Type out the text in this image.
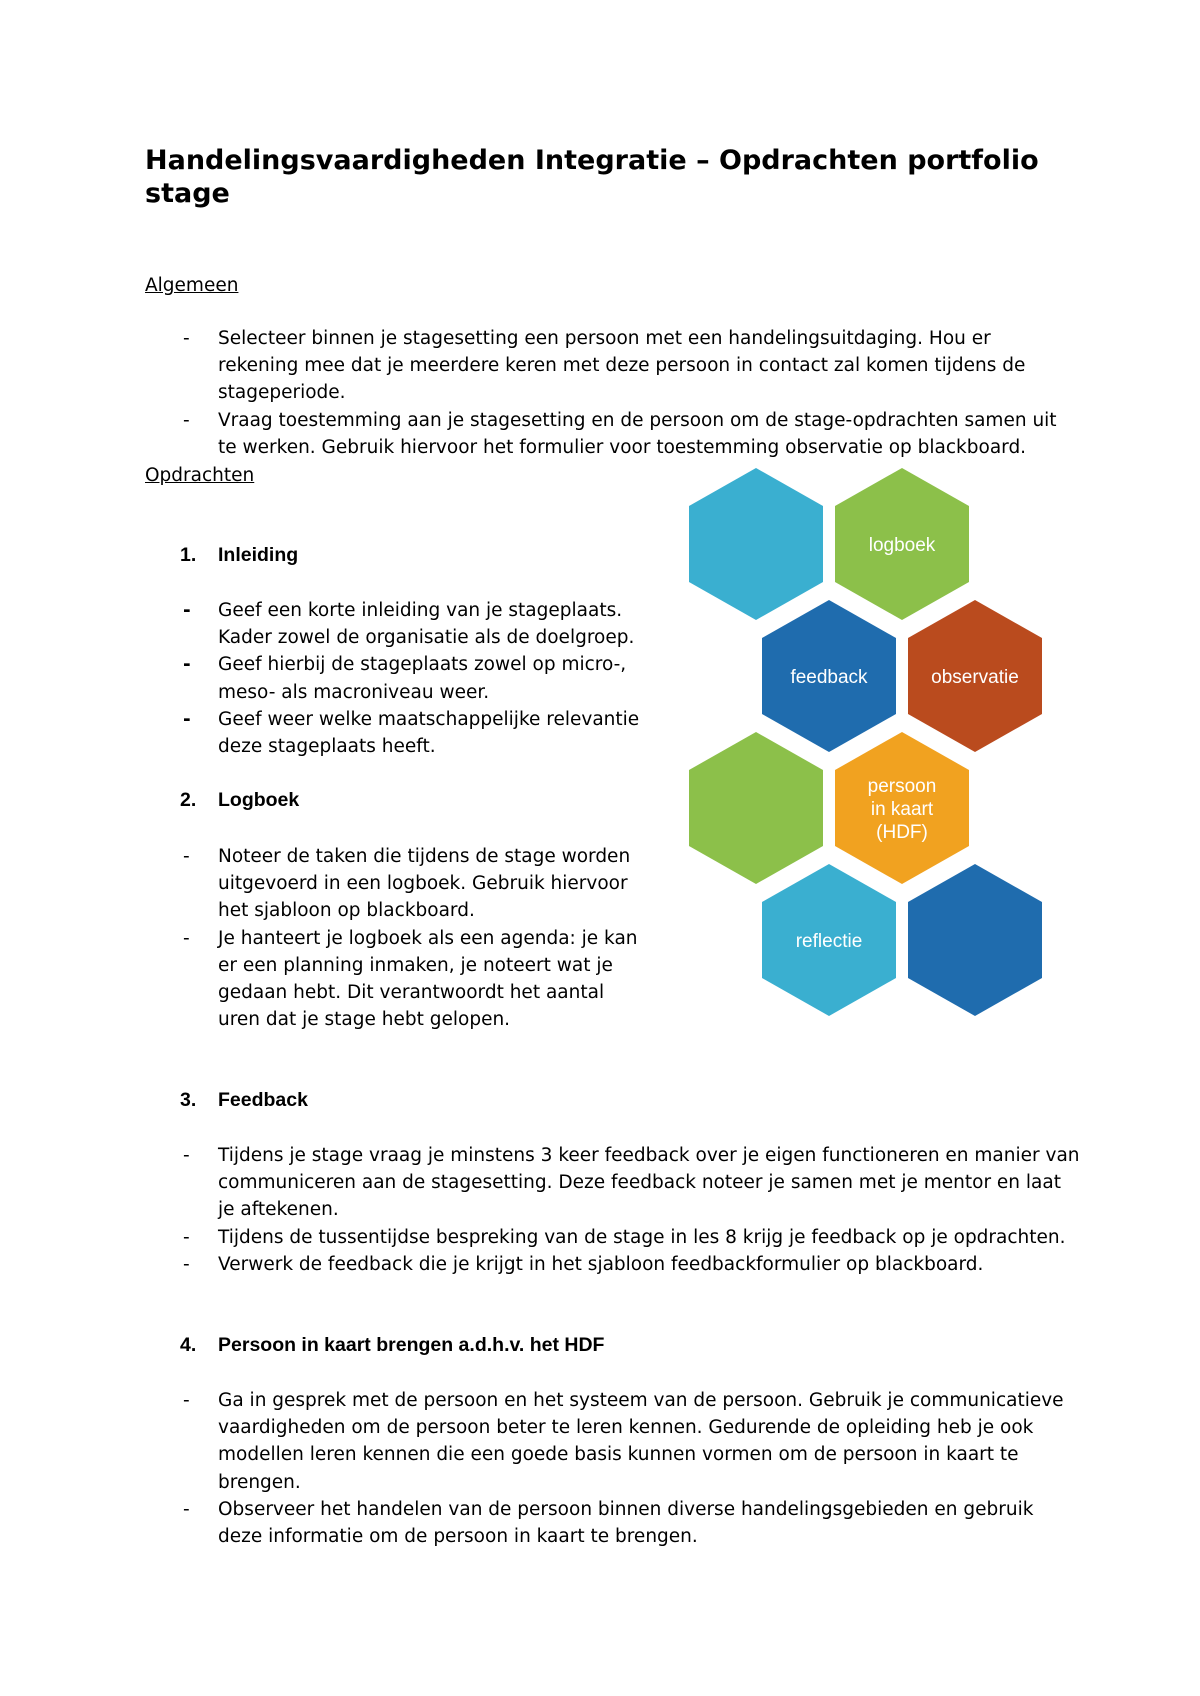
Handelingsvaardigheden Integratie – Opdrachten portfolio stage
Algemeen
- Selecteer binnen je stagesetting een persoon met een handelingsuitdaging. Hou er rekening mee dat je meerdere keren met deze persoon in contact zal komen tijdens de stageperiode.
- Vraag toestemming aan je stagesetting en de persoon om de stage-opdrachten samen uit te werken. Gebruik hiervoor het formulier voor toestemming observatie op blackboard.
Opdrachten
1. Inleiding
- Geef een korte inleiding van je stageplaats. Kader zowel de organisatie als de doelgroep.
- Geef hierbij de stageplaats zowel op micro-, meso- als macroniveau weer.
- Geef weer welke maatschappelijke relevantie deze stageplaats heeft.
2. Logboek
- Noteer de taken die tijdens de stage worden uitgevoerd in een logboek. Gebruik hiervoor het sjabloon op blackboard.
- Je hanteert je logboek als een agenda: je kan er een planning inmaken, je noteert wat je gedaan hebt. Dit verantwoordt het aantal uren dat je stage hebt gelopen.
3. Feedback
- Tijdens je stage vraag je minstens 3 keer feedback over je eigen functioneren en manier van communiceren aan de stagesetting. Deze feedback noteer je samen met je mentor en laat je aftekenen.
- Tijdens de tussentijdse bespreking van de stage in les 8 krijg je feedback op je opdrachten.
- Verwerk de feedback die je krijgt in het sjabloon feedbackformulier op blackboard.
4. Persoon in kaart brengen a.d.h.v. het HDF
- Ga in gesprek met de persoon en het systeem van de persoon. Gebruik je communicatieve vaardigheden om de persoon beter te leren kennen. Gedurende de opleiding heb je ook modellen leren kennen die een goede basis kunnen vormen om de persoon in kaart te brengen.
- Observeer het handelen van de persoon binnen diverse handelingsgebieden en gebruik deze informatie om de persoon in kaart te brengen.
logboek
feedback	observatie
persoon
in kaart
(HDF)
reflectie
